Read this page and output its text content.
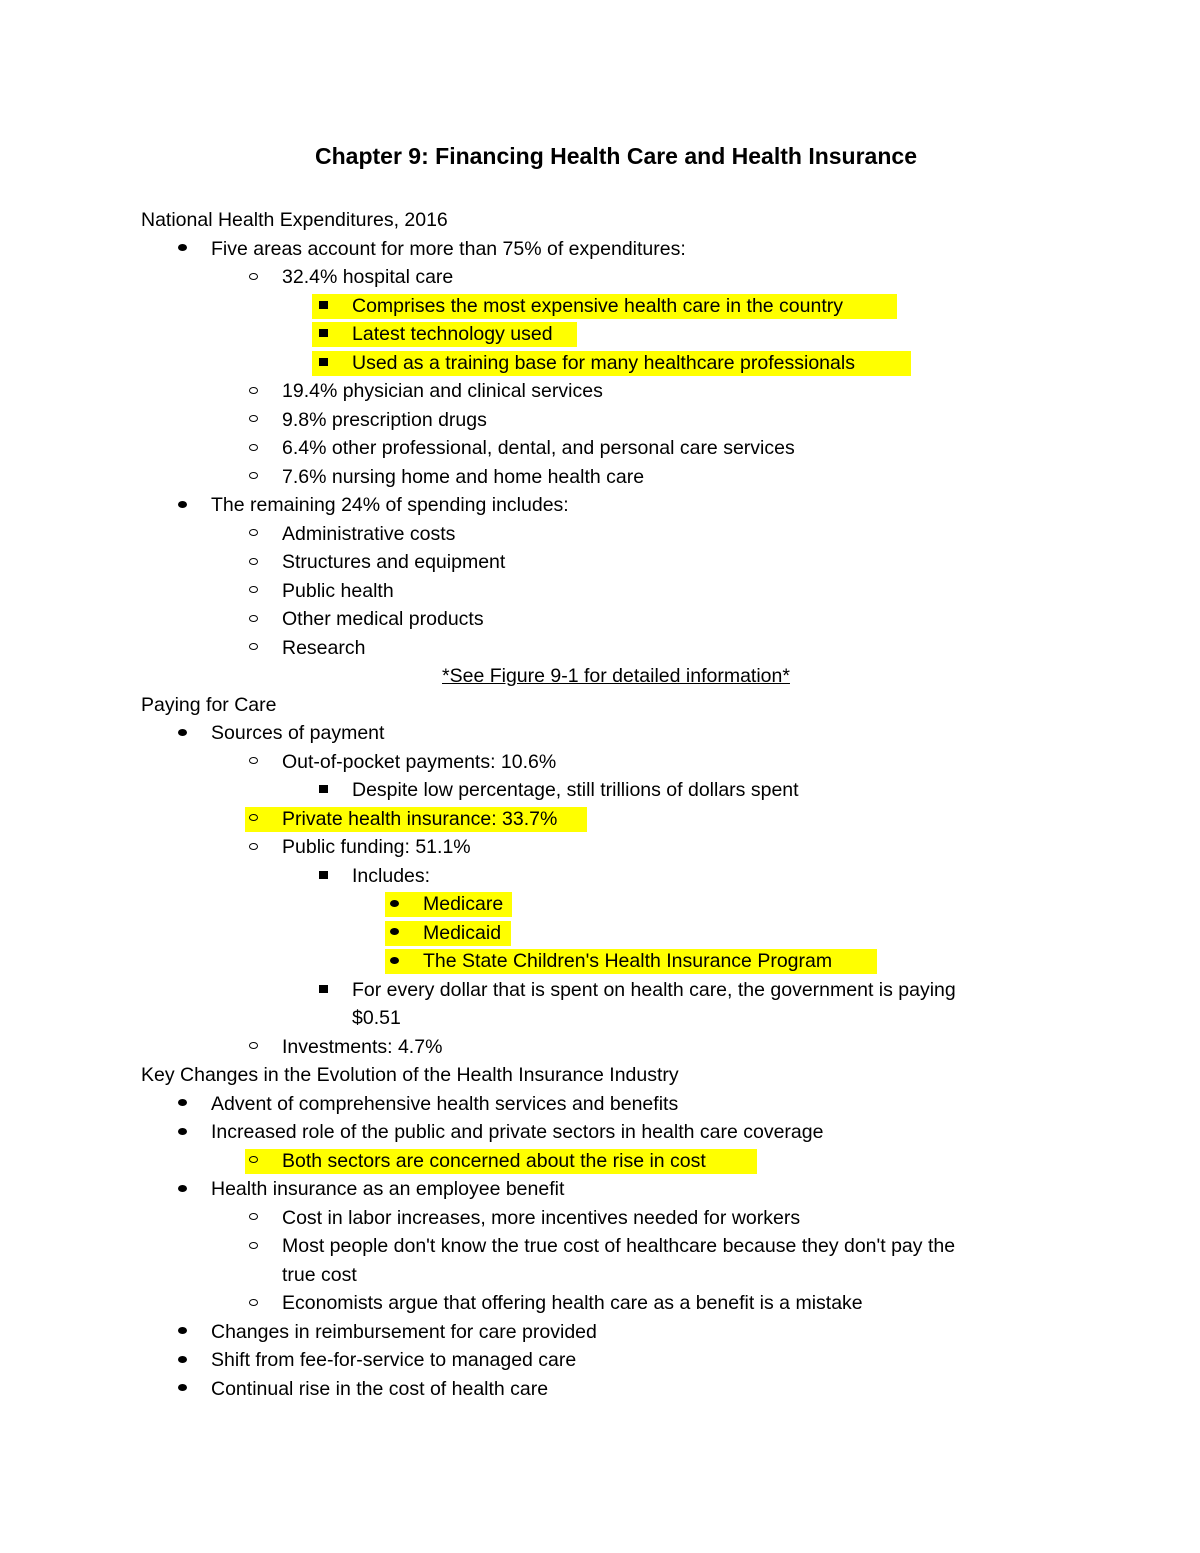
Chapter 9: Financing Health Care and Health Insurance
National Health Expenditures, 2016
Five areas account for more than 75% of expenditures:
32.4% hospital care
Comprises the most expensive health care in the country
Latest technology used
Used as a training base for many healthcare professionals
19.4% physician and clinical services
9.8% prescription drugs
6.4% other professional, dental, and personal care services
7.6% nursing home and home health care
The remaining 24% of spending includes:
Administrative costs
Structures and equipment
Public health
Other medical products
Research
*See Figure 9-1 for detailed information*
Paying for Care
Sources of payment
Out-of-pocket payments: 10.6%
Despite low percentage, still trillions of dollars spent
Private health insurance: 33.7%
Public funding: 51.1%
Includes:
Medicare
Medicaid
The State Children's Health Insurance Program
For every dollar that is spent on health care, the government is paying
$0.51
Investments: 4.7%
Key Changes in the Evolution of the Health Insurance Industry
Advent of comprehensive health services and benefits
Increased role of the public and private sectors in health care coverage
Both sectors are concerned about the rise in cost
Health insurance as an employee benefit
Cost in labor increases, more incentives needed for workers
Most people don't know the true cost of healthcare because they don't pay the
true cost
Economists argue that offering health care as a benefit is a mistake
Changes in reimbursement for care provided
Shift from fee-for-service to managed care
Continual rise in the cost of health care
